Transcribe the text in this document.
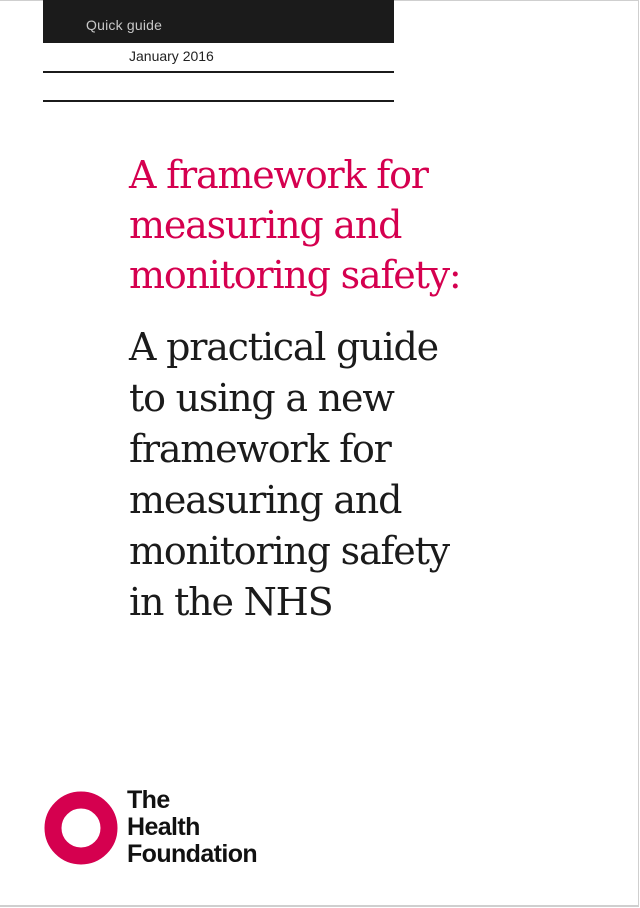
Quick guide
January 2016
A framework for
measuring and
monitoring safety:
A practical guide
to using a new
framework for
measuring and
monitoring safety
in the NHS
The
Health
Foundation
